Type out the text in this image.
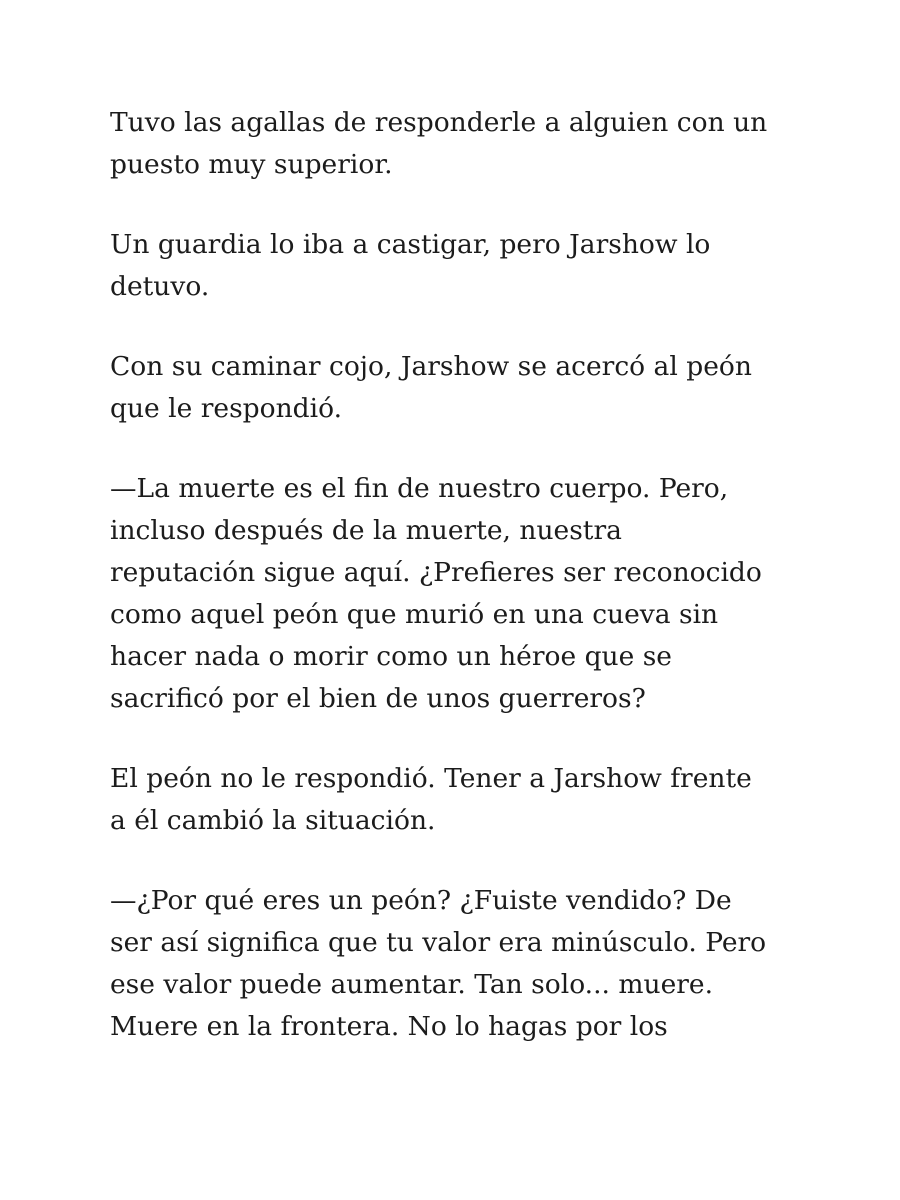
Tuvo las agallas de responderle a alguien con un
puesto muy superior.

Un guardia lo iba a castigar, pero Jarshow lo
detuvo.

Con su caminar cojo, Jarshow se acercó al peón
que le respondió.

—La muerte es el fin de nuestro cuerpo. Pero,
incluso después de la muerte, nuestra
reputación sigue aquí. ¿Prefieres ser reconocido
como aquel peón que murió en una cueva sin
hacer nada o morir como un héroe que se
sacrificó por el bien de unos guerreros?

El peón no le respondió. Tener a Jarshow frente
a él cambió la situación.

—¿Por qué eres un peón? ¿Fuiste vendido? De
ser así significa que tu valor era minúsculo. Pero
ese valor puede aumentar. Tan solo... muere.
Muere en la frontera. No lo hagas por los
